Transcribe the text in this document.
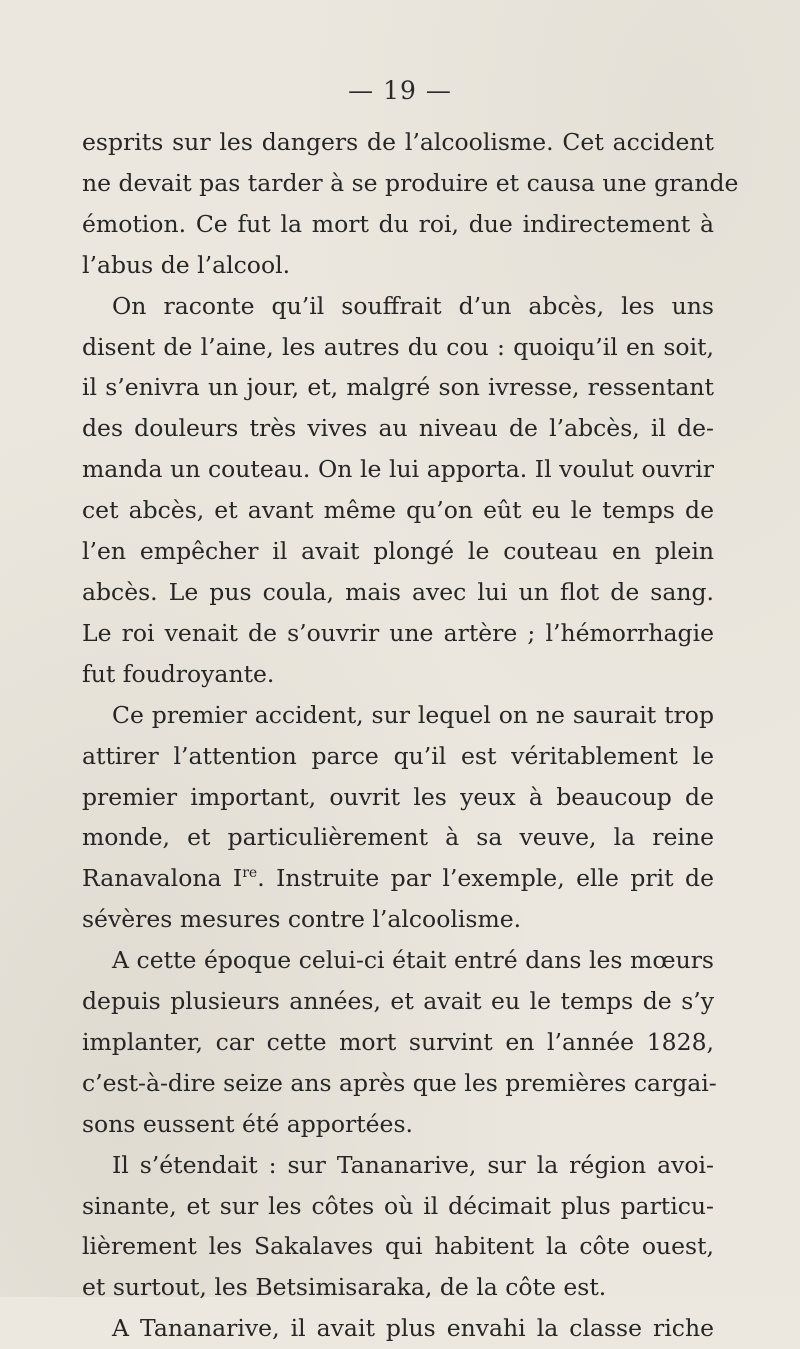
— 19 —

esprits sur les dangers de l’alcoolisme. Cet accident
ne devait pas tarder à se produire et causa une grande
émotion. Ce fut la mort du roi, due indirectement à
l’abus de l’alcool.

On raconte qu’il souffrait d’un abcès, les uns
disent de l’aine, les autres du cou : quoiqu’il en soit,
il s’enivra un jour, et, malgré son ivresse, ressentant
des douleurs très vives au niveau de l’abcès, il de-
manda un couteau. On le lui apporta. Il voulut ouvrir
cet abcès, et avant même qu’on eût eu le temps de
l’en empêcher il avait plongé le couteau en plein
abcès. Le pus coula, mais avec lui un flot de sang.
Le roi venait de s’ouvrir une artère ; l’hémorrhagie
fut foudroyante.

Ce premier accident, sur lequel on ne saurait trop
attirer l’attention parce qu’il est véritablement le
premier important, ouvrit les yeux à beaucoup de
monde, et particulièrement à sa veuve, la reine
Ranavalona Ire. Instruite par l’exemple, elle prit de
sévères mesures contre l’alcoolisme.

A cette époque celui-ci était entré dans les mœurs
depuis plusieurs années, et avait eu le temps de s’y
implanter, car cette mort survint en l’année 1828,
c’est-à-dire seize ans après que les premières cargai-
sons eussent été apportées.

Il s’étendait : sur Tananarive, sur la région avoi-
sinante, et sur les côtes où il décimait plus particu-
lièrement les Sakalaves qui habitent la côte ouest,
et surtout, les Betsimisaraka, de la côte est.

A Tananarive, il avait plus envahi la classe riche
